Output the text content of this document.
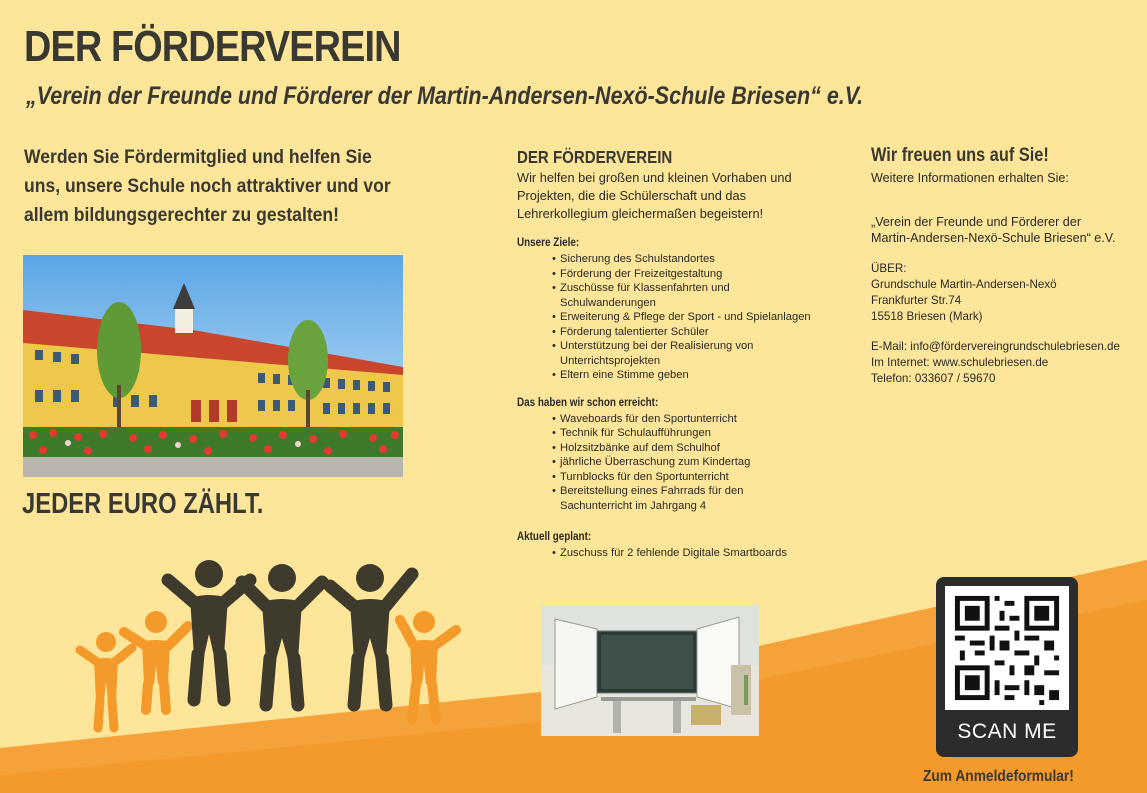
DER FÖRDERVEREIN
„Verein der Freunde und Förderer der Martin-Andersen-Nexö-Schule Briesen“ e.V.
Werden Sie Fördermitglied und helfen Sie uns, unsere Schule noch attraktiver und vor allem bildungsgerechter zu gestalten!
JEDER EURO ZÄHLT.
DER FÖRDERVEREIN
Wir helfen bei großen und kleinen Vorhaben und Projekten, die die Schülerschaft und das Lehrerkollegium gleichermaßen begeistern!
Unsere Ziele:
• Sicherung des Schulstandortes
• Förderung der Freizeitgestaltung
• Zuschüsse für Klassenfahrten und Schulwanderungen
• Erweiterung & Pflege der Sport - und Spielanlagen
• Förderung talentierter Schüler
• Unterstützung bei der Realisierung von Unterrichtsprojekten
• Eltern eine Stimme geben
Das haben wir schon erreicht:
• Waveboards für den Sportunterricht
• Technik für Schulaufführungen
• Holzsitzbänke auf dem Schulhof
• jährliche Überraschung zum Kindertag
• Turnblocks für den Sportunterricht
• Bereitstellung eines Fahrrads für den Sachunterricht im Jahrgang 4
Aktuell geplant:
• Zuschuss für 2 fehlende Digitale Smartboards
Wir freuen uns auf Sie!
Weitere Informationen erhalten Sie:
„Verein der Freunde und Förderer der
Martin-Andersen-Nexö-Schule Briesen“ e.V.
ÜBER:
Grundschule Martin-Andersen-Nexö
Frankfurter Str.74
15518 Briesen (Mark)
E-Mail: info@fördervereingrundschulebriesen.de
Im Internet: www.schulebriesen.de
Telefon: 033607 / 59670
SCAN ME
Zum Anmeldeformular!
